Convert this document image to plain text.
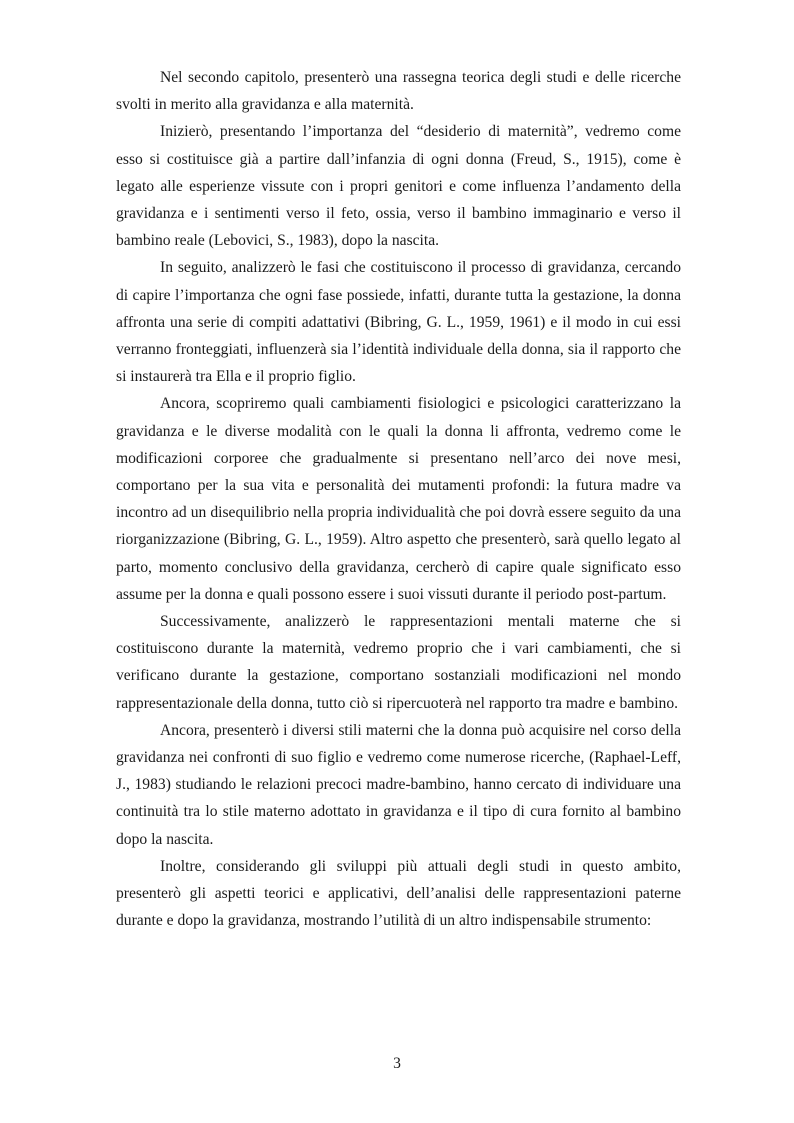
Nel secondo capitolo, presenterò una rassegna teorica degli studi e delle ricerche svolti in merito alla gravidanza e alla maternità.

Inizierò, presentando l’importanza del “desiderio di maternità”, vedremo come esso si costituisce già a partire dall’infanzia di ogni donna (Freud, S., 1915), come è legato alle esperienze vissute con i propri genitori e come influenza l’andamento della gravidanza e i sentimenti verso il feto, ossia, verso il bambino immaginario e verso il bambino reale (Lebovici, S., 1983), dopo la nascita.

In seguito, analizzerò le fasi che costituiscono il processo di gravidanza, cercando di capire l’importanza che ogni fase possiede, infatti, durante tutta la gestazione, la donna affronta una serie di compiti adattativi (Bibring, G. L., 1959, 1961) e il modo in cui essi verranno fronteggiati, influenzerà sia l’identità individuale della donna, sia il rapporto che si instaurerà tra Ella e il proprio figlio.

Ancora, scopriremo quali cambiamenti fisiologici e psicologici caratterizzano la gravidanza e le diverse modalità con le quali la donna li affronta, vedremo come le modificazioni corporee che gradualmente si presentano nell’arco dei nove mesi, comportano per la sua vita e personalità dei mutamenti profondi: la futura madre va incontro ad un disequilibrio nella propria individualità che poi dovrà essere seguito da una riorganizzazione (Bibring, G. L., 1959). Altro aspetto che presenterò, sarà quello legato al parto, momento conclusivo della gravidanza, cercherò di capire quale significato esso assume per la donna e quali possono essere i suoi vissuti durante il periodo post-partum.

Successivamente, analizzerò le rappresentazioni mentali materne che si costituiscono durante la maternità, vedremo proprio che i vari cambiamenti, che si verificano durante la gestazione, comportano sostanziali modificazioni nel mondo rappresentazionale della donna, tutto ciò si ripercuoterà nel rapporto tra madre e bambino.

Ancora, presenterò i diversi stili materni che la donna può acquisire nel corso della gravidanza nei confronti di suo figlio e vedremo come numerose ricerche, (Raphael-Leff, J., 1983) studiando le relazioni precoci madre-bambino, hanno cercato di individuare una continuità tra lo stile materno adottato in gravidanza e il tipo di cura fornito al bambino dopo la nascita.

Inoltre, considerando gli sviluppi più attuali degli studi in questo ambito, presenterò gli aspetti teorici e applicativi, dell’analisi delle rappresentazioni paterne durante e dopo la gravidanza, mostrando l’utilità di un altro indispensabile strumento:

3
